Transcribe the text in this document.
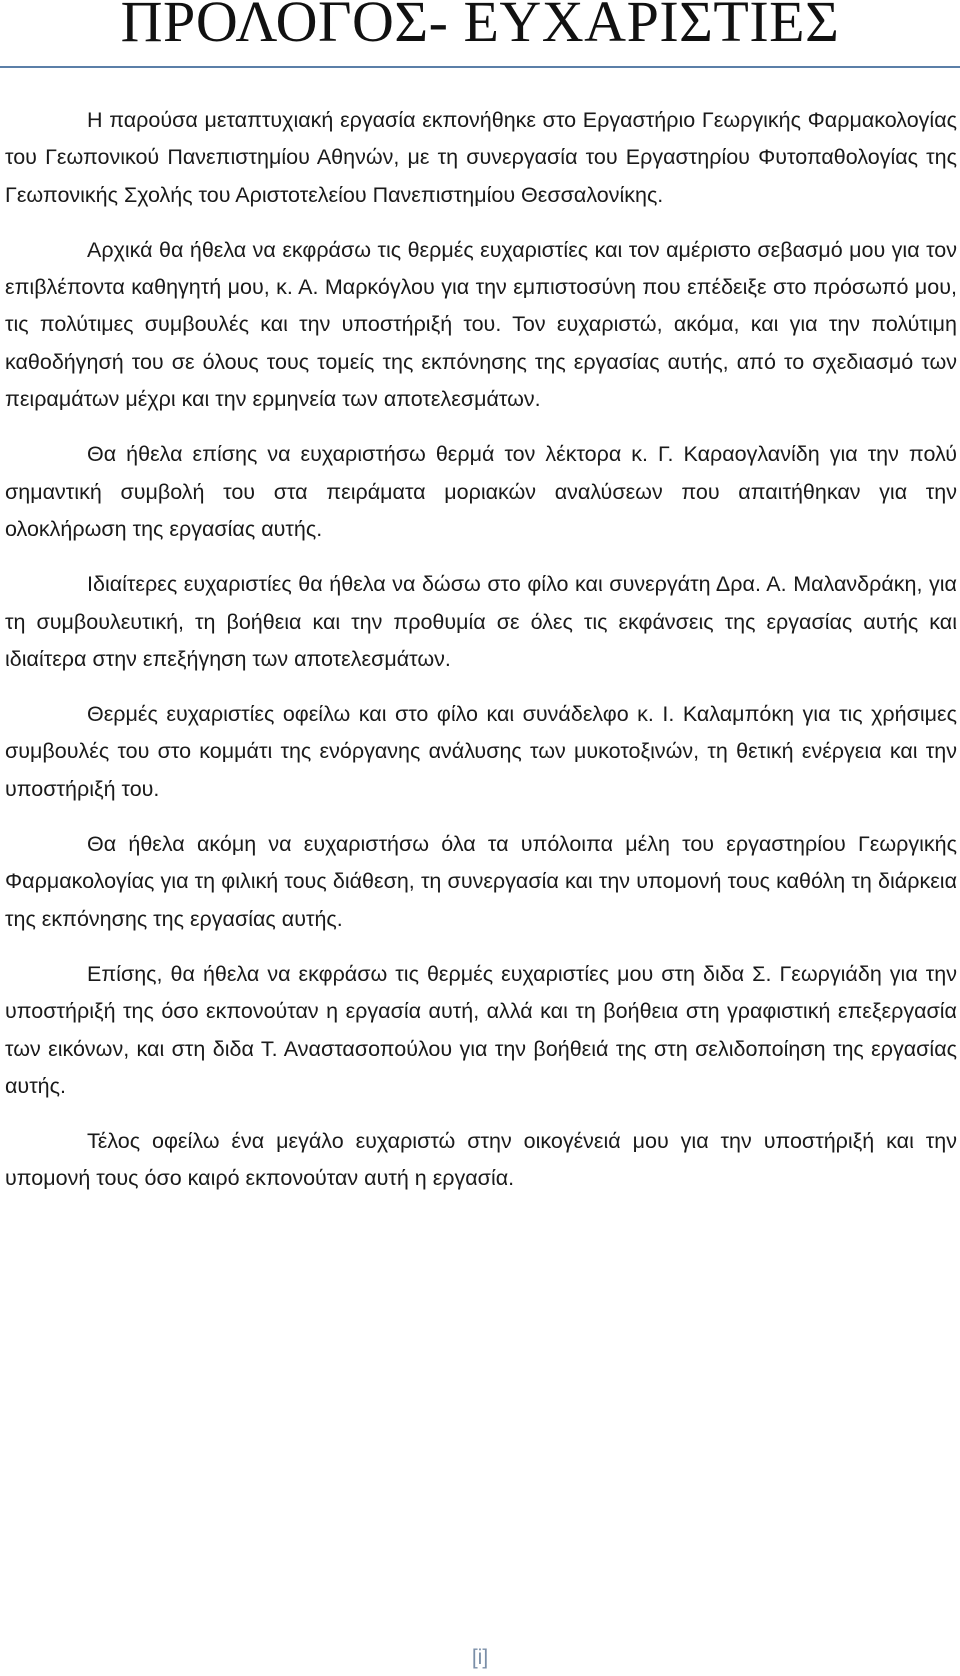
ΠΡΟΛΟΓΟΣ- ΕΥΧΑΡΙΣΤΙΕΣ

Η παρούσα μεταπτυχιακή εργασία εκπονήθηκε στο Εργαστήριο Γεωργικής Φαρμακολογίας του Γεωπονικού Πανεπιστημίου Αθηνών, με τη συνεργασία του Εργαστηρίου Φυτοπαθολογίας της Γεωπονικής Σχολής του Αριστοτελείου Πανεπιστημίου Θεσσαλονίκης.

Αρχικά θα ήθελα να εκφράσω τις θερμές ευχαριστίες και τον αμέριστο σεβασμό μου για τον επιβλέποντα καθηγητή μου, κ. Α. Μαρκόγλου για την εμπιστοσύνη που επέδειξε στο πρόσωπό μου, τις πολύτιμες συμβουλές και την υποστήριξή του. Τον ευχαριστώ, ακόμα, και για την πολύτιμη καθοδήγησή του σε όλους τους τομείς της εκπόνησης της εργασίας αυτής, από το σχεδιασμό των πειραμάτων μέχρι και την ερμηνεία των αποτελεσμάτων.

Θα ήθελα επίσης να ευχαριστήσω θερμά τον λέκτορα κ. Γ. Καραογλανίδη για την πολύ σημαντική συμβολή του στα πειράματα μοριακών αναλύσεων που απαιτήθηκαν για την ολοκλήρωση της εργασίας αυτής.

Ιδιαίτερες ευχαριστίες θα ήθελα να δώσω στο φίλο και συνεργάτη Δρα. Α. Μαλανδράκη, για τη συμβουλευτική, τη βοήθεια και την προθυμία σε όλες τις εκφάνσεις της εργασίας αυτής και ιδιαίτερα στην επεξήγηση των αποτελεσμάτων.

Θερμές ευχαριστίες οφείλω και στο φίλο και συνάδελφο κ. Ι. Καλαμπόκη για τις χρήσιμες συμβουλές του στο κομμάτι της ενόργανης ανάλυσης των μυκοτοξινών, τη θετική ενέργεια και την υποστήριξή του.

Θα ήθελα ακόμη να ευχαριστήσω όλα τα υπόλοιπα μέλη του εργαστηρίου Γεωργικής Φαρμακολογίας για τη φιλική τους διάθεση, τη συνεργασία και την υπομονή τους καθόλη τη διάρκεια της εκπόνησης της εργασίας αυτής.

Επίσης, θα ήθελα να εκφράσω τις θερμές ευχαριστίες μου στη διδα Σ. Γεωργιάδη για την υποστήριξή της όσο εκπονούταν η εργασία αυτή, αλλά και τη βοήθεια στη γραφιστική επεξεργασία των εικόνων, και στη διδα Τ. Αναστασοπούλου για την βοήθειά της στη σελιδοποίηση της εργασίας αυτής.

Τέλος οφείλω ένα μεγάλο ευχαριστώ στην οικογένειά μου για την υποστήριξή και την υπομονή τους όσο καιρό εκπονούταν αυτή η εργασία.

[i]
